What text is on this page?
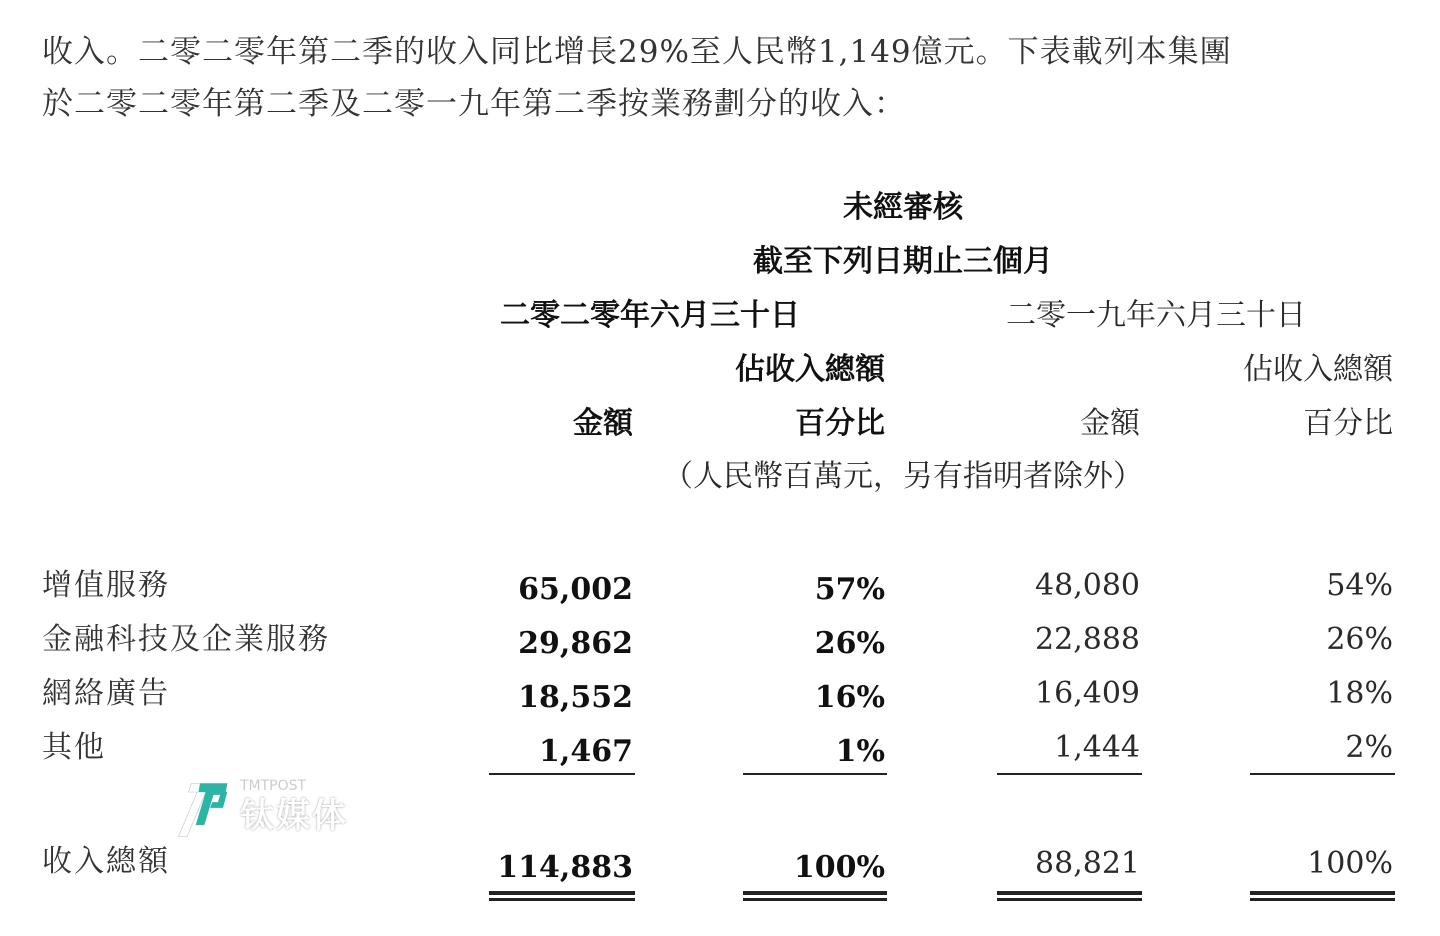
收入。二零二零年第二季的收入同比增長29%至人民幣1,149億元。下表載列本集團
於二零二零年第二季及二零一九年第二季按業務劃分的收入：
未經審核
截至下列日期止三個月
二零二零年六月三十日	二零一九年六月三十日
佔收入總額	佔收入總額
金額	百分比	金額	百分比
（人民幣百萬元，另有指明者除外）
增值服務	65,002	57%	48,080	54%
金融科技及企業服務	29,862	26%	22,888	26%
網絡廣告	18,552	16%	16,409	18%
其他	1,467	1%	1,444	2%
收入總額	114,883	100%	88,821	100%
TMTPOST
钛媒体
